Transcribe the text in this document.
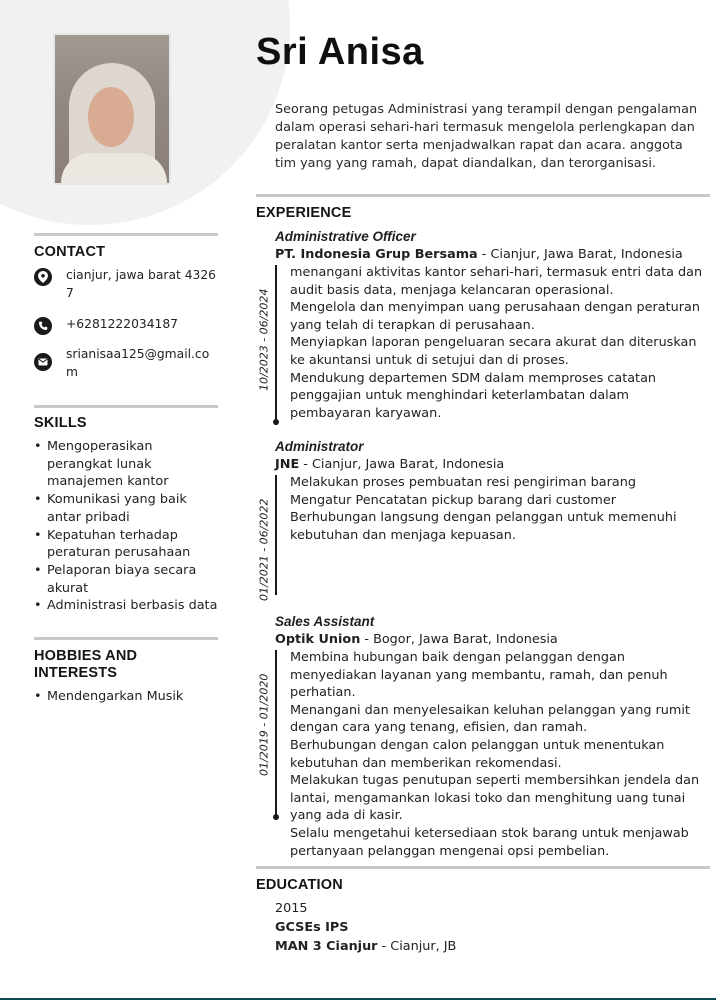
CONTACT
cianjur, jawa barat 43267
+6281222034187
srianisaa125@gmail.com
SKILLS
• Mengoperasikan perangkat lunak manajemen kantor
• Komunikasi yang baik antar pribadi
• Kepatuhan terhadap peraturan perusahaan
• Pelaporan biaya secara akurat
• Administrasi berbasis data
HOBBIES AND INTERESTS
• Mendengarkan Musik
Sri Anisa
Seorang petugas Administrasi yang terampil dengan pengalaman dalam operasi sehari-hari termasuk mengelola perlengkapan dan peralatan kantor serta menjadwalkan rapat dan acara. anggota tim yang yang ramah, dapat diandalkan, dan terorganisasi.
EXPERIENCE
Administrative Officer
PT. Indonesia Grup Bersama - Cianjur, Jawa Barat, Indonesia
10/2023 - 06/2024
menangani aktivitas kantor sehari-hari, termasuk entri data dan audit basis data, menjaga kelancaran operasional.
Mengelola dan menyimpan uang perusahaan dengan peraturan yang telah di terapkan di perusahaan.
Menyiapkan laporan pengeluaran secara akurat dan diteruskan ke akuntansi untuk di setujui dan di proses.
Mendukung departemen SDM dalam memproses catatan penggajian untuk menghindari keterlambatan dalam pembayaran karyawan.
Administrator
JNE - Cianjur, Jawa Barat, Indonesia
01/2021 - 06/2022
Melakukan proses pembuatan resi pengiriman barang
Mengatur Pencatatan pickup barang dari customer
Berhubungan langsung dengan pelanggan untuk memenuhi kebutuhan dan menjaga kepuasan.
Sales Assistant
Optik Union - Bogor, Jawa Barat, Indonesia
01/2019 - 01/2020
Membina hubungan baik dengan pelanggan dengan menyediakan layanan yang membantu, ramah, dan penuh perhatian.
Menangani dan menyelesaikan keluhan pelanggan yang rumit dengan cara yang tenang, efisien, dan ramah.
Berhubungan dengan calon pelanggan untuk menentukan kebutuhan dan memberikan rekomendasi.
Melakukan tugas penutupan seperti membersihkan jendela dan lantai, mengamankan lokasi toko dan menghitung uang tunai yang ada di kasir.
Selalu mengetahui ketersediaan stok barang untuk menjawab pertanyaan pelanggan mengenai opsi pembelian.
EDUCATION
2015
GCSEs IPS
MAN 3 Cianjur - Cianjur, JB
